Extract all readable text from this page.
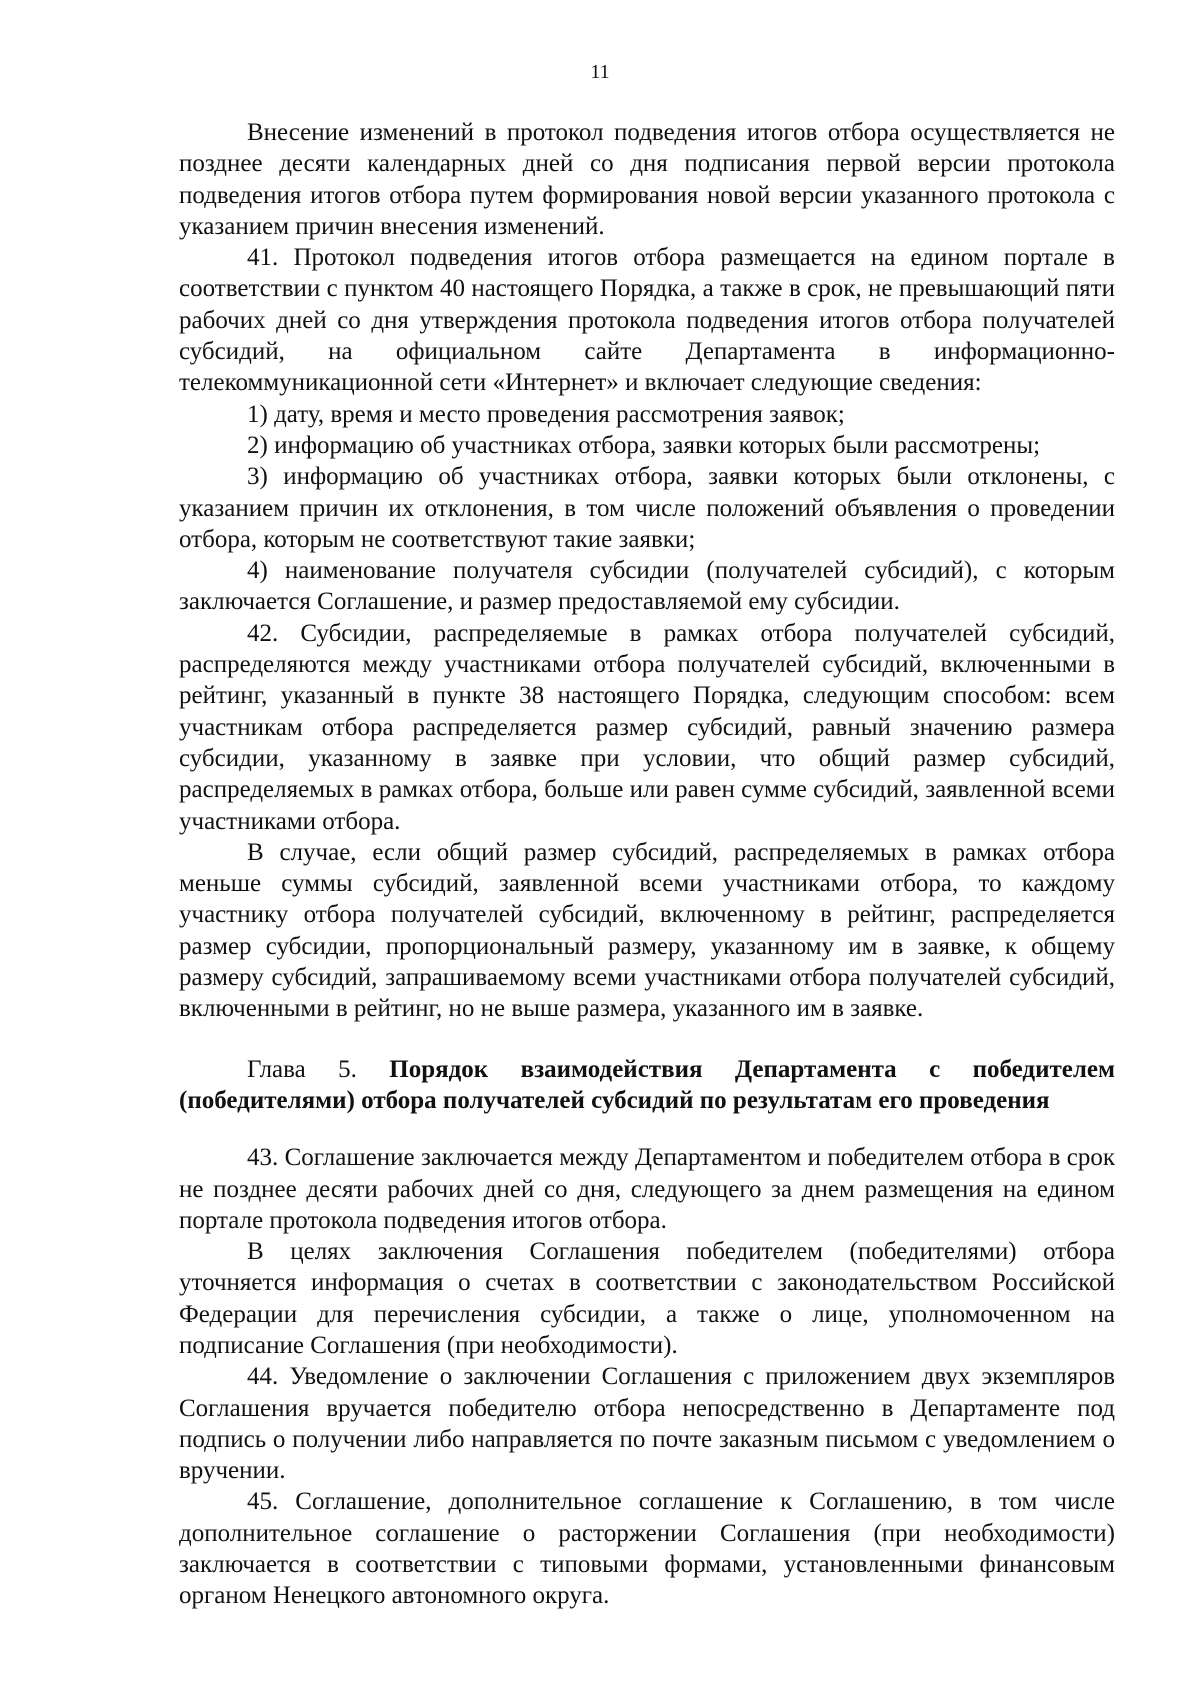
11

Внесение изменений в протокол подведения итогов отбора осуществляется не позднее десяти календарных дней со дня подписания первой версии протокола подведения итогов отбора путем формирования новой версии указанного протокола с указанием причин внесения изменений.

41. Протокол подведения итогов отбора размещается на едином портале в соответствии с пунктом 40 настоящего Порядка, а также в срок, не превышающий пяти рабочих дней со дня утверждения протокола подведения итогов отбора получателей субсидий, на официальном сайте Департамента в информационно-телекоммуникационной сети «Интернет» и включает следующие сведения:

1) дату, время и место проведения рассмотрения заявок;

2) информацию об участниках отбора, заявки которых были рассмотрены;

3) информацию об участниках отбора, заявки которых были отклонены, с указанием причин их отклонения, в том числе положений объявления о проведении отбора, которым не соответствуют такие заявки;

4) наименование получателя субсидии (получателей субсидий), с которым заключается Соглашение, и размер предоставляемой ему субсидии.

42. Субсидии, распределяемые в рамках отбора получателей субсидий, распределяются между участниками отбора получателей субсидий, включенными в рейтинг, указанный в пункте 38 настоящего Порядка, следующим способом: всем участникам отбора распределяется размер субсидий, равный значению размера субсидии, указанному в заявке при условии, что общий размер субсидий, распределяемых в рамках отбора, больше или равен сумме субсидий, заявленной всеми участниками отбора.

В случае, если общий размер субсидий, распределяемых в рамках отбора меньше суммы субсидий, заявленной всеми участниками отбора, то каждому участнику отбора получателей субсидий, включенному в рейтинг, распределяется размер субсидии, пропорциональный размеру, указанному им в заявке, к общему размеру субсидий, запрашиваемому всеми участниками отбора получателей субсидий, включенными в рейтинг, но не выше размера, указанного им в заявке.

Глава 5. Порядок взаимодействия Департамента с победителем (победителями) отбора получателей субсидий по результатам его проведения

43. Соглашение заключается между Департаментом и победителем отбора в срок не позднее десяти рабочих дней со дня, следующего за днем размещения на едином портале протокола подведения итогов отбора.

В целях заключения Соглашения победителем (победителями) отбора уточняется информация о счетах в соответствии с законодательством Российской Федерации для перечисления субсидии, а также о лице, уполномоченном на подписание Соглашения (при необходимости).

44. Уведомление о заключении Соглашения с приложением двух экземпляров Соглашения вручается победителю отбора непосредственно в Департаменте под подпись о получении либо направляется по почте заказным письмом с уведомлением о вручении.

45. Соглашение, дополнительное соглашение к Соглашению, в том числе дополнительное соглашение о расторжении Соглашения (при необходимости) заключается в соответствии с типовыми формами, установленными финансовым органом Ненецкого автономного округа.
